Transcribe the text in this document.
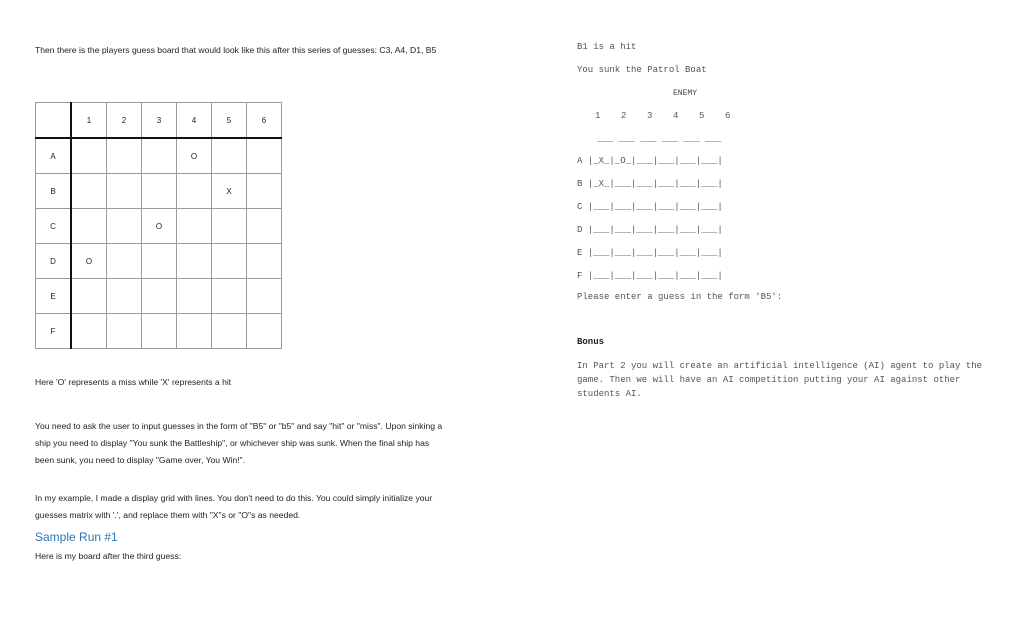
Then there is the players guess board that would look like this after this series of guesses: C3, A4, D1, B5

	1	2	3	4	5	6
A				O		
B					X	
C			O			
D	O					
E						
F						

Here 'O' represents a miss while 'X' represents a hit

You need to ask the user to input guesses in the form of "B5" or "b5" and say "hit" or "miss". Upon sinking a ship you need to display "You sunk the Battleship", or whichever ship was sunk. When the final ship has been sunk, you need to display "Game over, You Win!".

In my example, I made a display grid with lines. You don't need to do this. You could simply initialize your guesses matrix with '.', and replace them with "X"s or "O"s as needed.

Sample Run #1

Here is my board after the third guess:

B1 is a hit

You sunk the Patrol Boat

ENEMY
1 2 3 4 5 6
___ ___ ___ ___ ___ ___
A |_X_|_O_|___|___|___|___|
B |_X_|___|___|___|___|___|
C |___|___|___|___|___|___|
D |___|___|___|___|___|___|
E |___|___|___|___|___|___|
F |___|___|___|___|___|___|

Please enter a guess in the form 'B5':

Bonus

In Part 2 you will create an artificial intelligence (AI) agent to play the game. Then we will have an AI competition putting your AI against other students AI.
